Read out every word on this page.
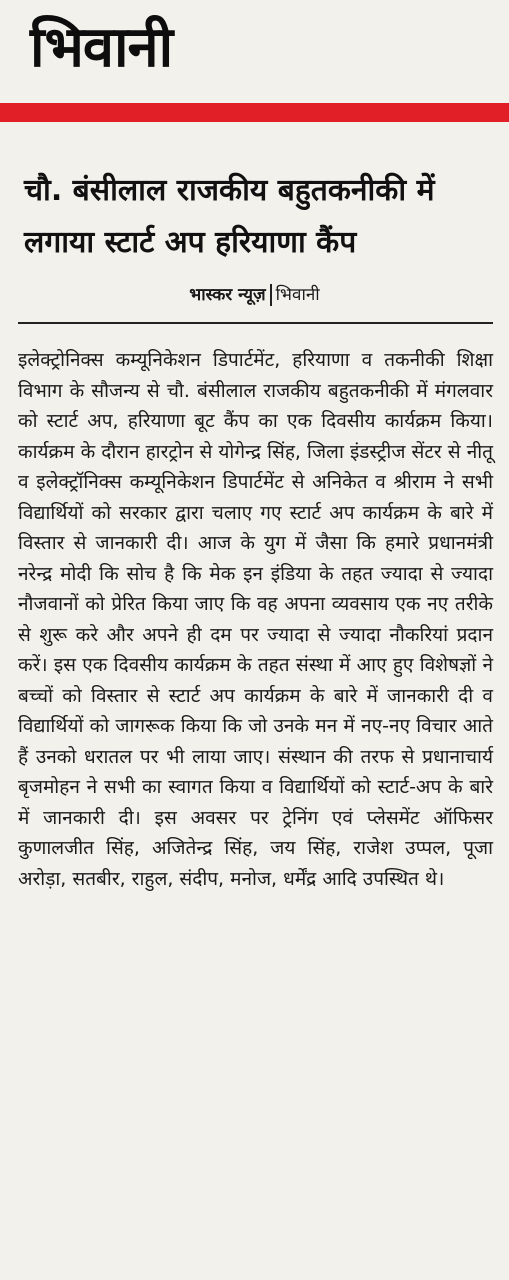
भिवानी
चौ. बंसीलाल राजकीय बहुतकनीकी में लगाया स्टार्ट अप हरियाणा कैंप
भास्कर न्यूज़ भिवानी

इलेक्ट्रोनिक्स कम्यूनिकेशन डिपार्टमेंट, हरियाणा व तकनीकी शिक्षा विभाग के सौजन्य से चौ. बंसीलाल राजकीय बहुतकनीकी में मंगलवार को स्टार्ट अप, हरियाणा बूट कैंप का एक दिवसीय कार्यक्रम किया। कार्यक्रम के दौरान हारट्रोन से योगेन्द्र सिंह, जिला इंडस्ट्रीज सेंटर से नीतू व इलेक्ट्रॉनिक्स कम्यूनिकेशन डिपार्टमेंट से अनिकेत व श्रीराम ने सभी विद्यार्थियों को सरकार द्वारा चलाए गए स्टार्ट अप कार्यक्रम के बारे में विस्तार से जानकारी दी। आज के युग में जैसा कि हमारे प्रधानमंत्री नरेन्द्र मोदी कि सोच है कि मेक इन इंडिया के तहत ज्यादा से ज्यादा नौजवानों को प्रेरित किया जाए कि वह अपना व्यवसाय एक नए तरीके से शुरू करे और अपने ही दम पर ज्यादा से ज्यादा नौकरियां प्रदान करें। इस एक दिवसीय कार्यक्रम के तहत संस्था में आए हुए विशेषज्ञों ने बच्चों को विस्तार से स्टार्ट अप कार्यक्रम के बारे में जानकारी दी व विद्यार्थियों को जागरूक किया कि जो उनके मन में नए-नए विचार आते हैं उनको धरातल पर भी लाया जाए। संस्थान की तरफ से प्रधानाचार्य बृजमोहन ने सभी का स्वागत किया व विद्यार्थियों को स्टार्ट-अप के बारे में जानकारी दी। इस अवसर पर ट्रेनिंग एवं प्लेसमेंट ऑफिसर कुणालजीत सिंह, अजितेन्द्र सिंह, जय सिंह, राजेश उप्पल, पूजा अरोड़ा, सतबीर, राहुल, संदीप, मनोज, धर्मेंद्र आदि उपस्थित थे।
